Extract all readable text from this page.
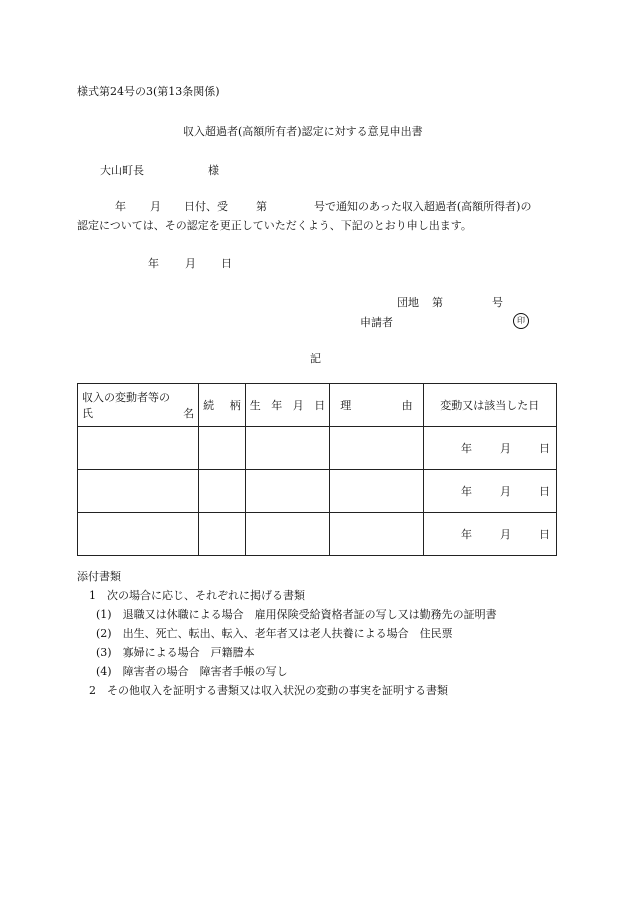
様式第24号の3(第13条関係)
収入超過者(高額所有者)認定に対する意見申出書
大山町長	様
年 月 日付、受	第	号で通知のあった収入超過者(高額所得者)の
認定については、その認定を更正していただくよう、下記のとおり申し出ます。
年 月 日
団地 第	号
申請者	印
記
収入の変動者等の
氏 名	続 柄	生 年 月 日	理 由	変動又は該当した日

				年 月 日

				年 月 日

				年 月 日
添付書類
1　次の場合に応じ、それぞれに掲げる書類
(1)　退職又は休職による場合　雇用保険受給資格者証の写し又は勤務先の証明書
(2)　出生、死亡、転出、転入、老年者又は老人扶養による場合　住民票
(3)　寡婦による場合　戸籍謄本
(4)　障害者の場合　障害者手帳の写し
2　その他収入を証明する書類又は収入状況の変動の事実を証明する書類
